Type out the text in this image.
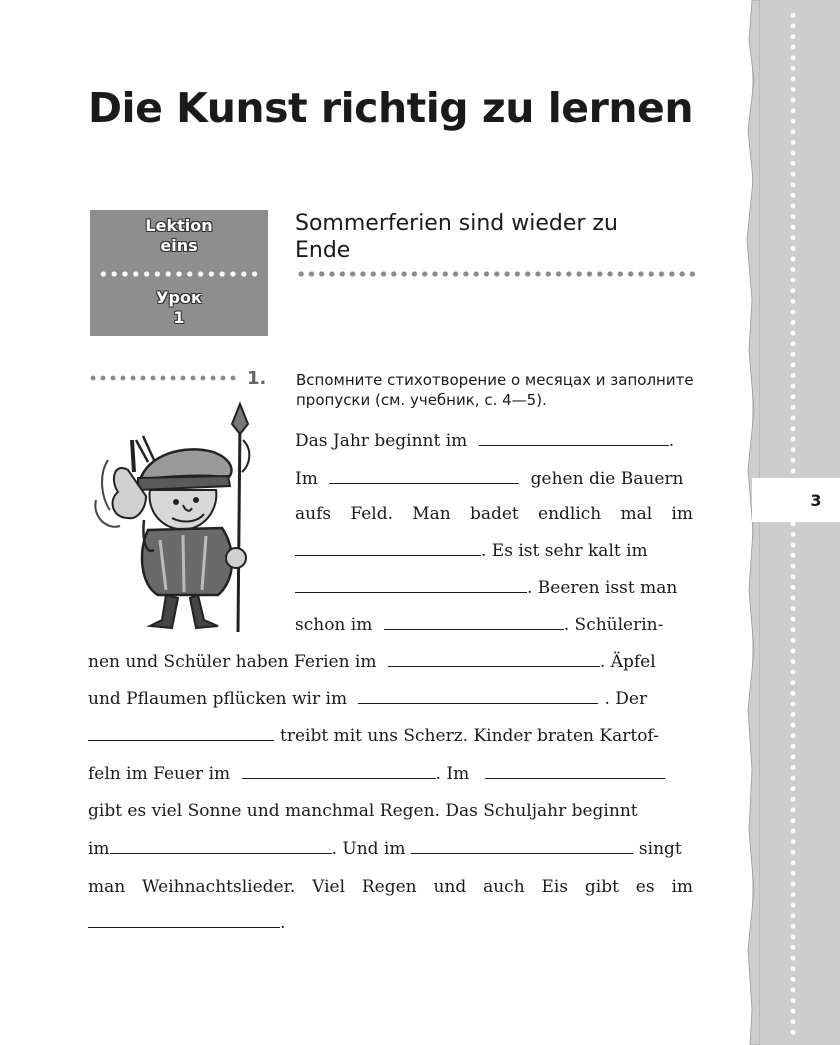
3
Die Kunst richtig zu lernen
Lektion eins
Урок 1
Sommerferien sind wieder zu Ende
1. Вспомните стихотворение о месяцах и заполните пропуски (см. учебник, с. 4—5).

Das Jahr beginnt im	.
Im	gehen die Bauern
aufs Feld. Man badet endlich mal im
. Es ist sehr kalt im
. Beeren isst man
schon im	. Schülerin-
nen und Schüler haben Ferien im	. Äpfel
und Pflaumen pflücken wir im	. Der
treibt mit uns Scherz. Kinder braten Kartof-
feln im Feuer im	. Im
gibt es viel Sonne und manchmal Regen. Das Schuljahr beginnt
im	. Und im	singt
man Weihnachtslieder. Viel Regen und auch Eis gibt es im
.
